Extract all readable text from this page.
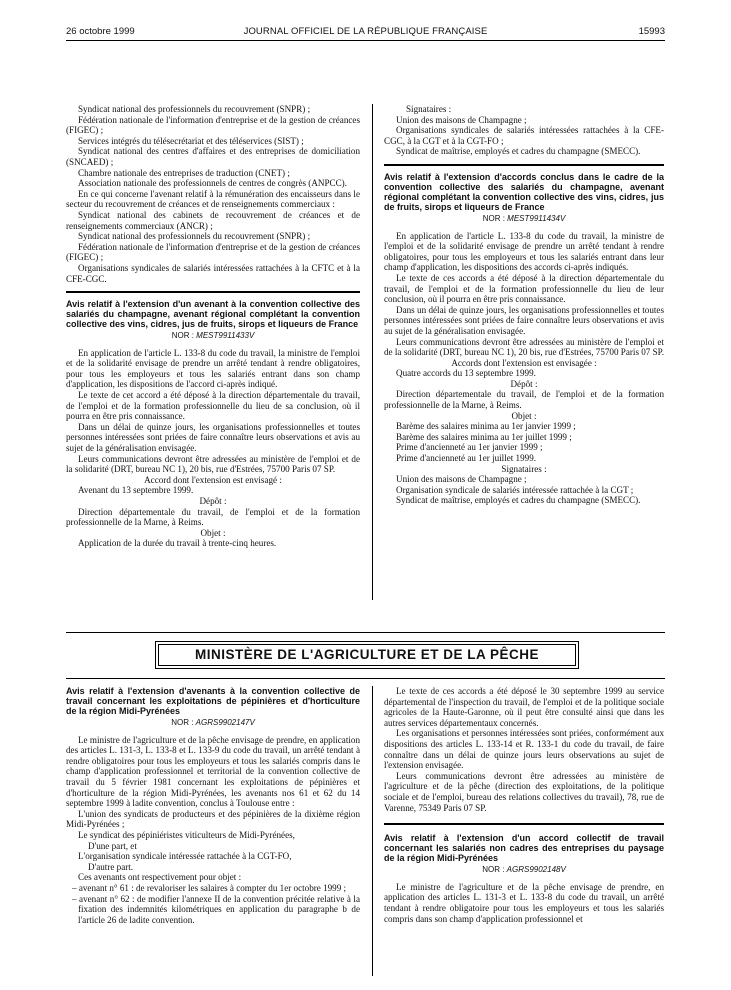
26 octobre 1999	JOURNAL OFFICIEL DE LA RÉPUBLIQUE FRANÇAISE	15993

Syndicat national des professionnels du recouvrement (SNPR) ;

Fédération nationale de l'information d'entreprise et de la gestion de créances (FIGEC) ;

Services intégrés du télésecrétariat et des téléservices (SIST) ;

Syndicat national des centres d'affaires et des entreprises de domiciliation (SNCAED) ;

Chambre nationale des entreprises de traduction (CNET) ;

Association nationale des professionnels de centres de congrès (ANPCC).

En ce qui concerne l'avenant relatif à la rémunération des encaisseurs dans le secteur du recouvrement de créances et de renseignements commerciaux :

Syndicat national des cabinets de recouvrement de créances et de renseignements commerciaux (ANCR) ;

Syndicat national des professionnels du recouvrement (SNPR) ;

Fédération nationale de l'information d'entreprise et de la gestion de créances (FIGEC) ;

Organisations syndicales de salariés intéressées rattachées à la CFTC et à la CFE-CGC.

Avis relatif à l'extension d'un avenant à la convention collective des salariés du champagne, avenant régional complétant la convention collective des vins, cidres, jus de fruits, sirops et liqueurs de France
NOR : MEST9911433V

En application de l'article L. 133-8 du code du travail, la ministre de l'emploi et de la solidarité envisage de prendre un arrêté tendant à rendre obligatoires, pour tous les employeurs et tous les salariés entrant dans son champ d'application, les dispositions de l'accord ci-après indiqué.

Le texte de cet accord a été déposé à la direction départementale du travail, de l'emploi et de la formation professionnelle du lieu de sa conclusion, où il pourra en être pris connaissance.

Dans un délai de quinze jours, les organisations professionnelles et toutes personnes intéressées sont priées de faire connaître leurs observations et avis au sujet de la généralisation envisagée.

Leurs communications devront être adressées au ministère de l'emploi et de la solidarité (DRT, bureau NC 1), 20 bis, rue d'Estrées, 75700 Paris 07 SP.

Accord dont l'extension est envisagé :

Avenant du 13 septembre 1999.

Dépôt :

Direction départementale du travail, de l'emploi et de la formation professionnelle de la Marne, à Reims.

Objet :

Application de la durée du travail à trente-cinq heures.

Signataires :

Union des maisons de Champagne ;

Organisations syndicales de salariés intéressées rattachées à la CFE-CGC, à la CGT et à la CGT-FO ;

Syndicat de maîtrise, employés et cadres du champagne (SMECC).

Avis relatif à l'extension d'accords conclus dans le cadre de la convention collective des salariés du champagne, avenant régional complétant la convention collective des vins, cidres, jus de fruits, sirops et liqueurs de France
NOR : MEST9911434V

En application de l'article L. 133-8 du code du travail, la ministre de l'emploi et de la solidarité envisage de prendre un arrêté tendant à rendre obligatoires, pour tous les employeurs et tous les salariés entrant dans leur champ d'application, les dispositions des accords ci-après indiqués.

Le texte de ces accords a été déposé à la direction départementale du travail, de l'emploi et de la formation professionnelle du lieu de leur conclusion, où il pourra en être pris connaissance.

Dans un délai de quinze jours, les organisations professionnelles et toutes personnes intéressées sont priées de faire connaître leurs observations et avis au sujet de la généralisation envisagée.

Leurs communications devront être adressées au ministère de l'emploi et de la solidarité (DRT, bureau NC 1), 20 bis, rue d'Estrées, 75700 Paris 07 SP.

Accords dont l'extension est envisagée :

Quatre accords du 13 septembre 1999.

Dépôt :

Direction départementale du travail, de l'emploi et de la formation professionnelle de la Marne, à Reims.

Objet :

Barème des salaires minima au 1er janvier 1999 ;

Barème des salaires minima au 1er juillet 1999 ;

Prime d'ancienneté au 1er janvier 1999 ;

Prime d'ancienneté au 1er juillet 1999.

Signataires :

Union des maisons de Champagne ;

Organisation syndicale de salariés intéressée rattachée à la CGT ;

Syndicat de maîtrise, employés et cadres du champagne (SMECC).

MINISTÈRE DE L'AGRICULTURE ET DE LA PÊCHE
Avis relatif à l'extension d'avenants à la convention collective de travail concernant les exploitations de pépinières et d'horticulture de la région Midi-Pyrénées
NOR : AGRS9902147V

Le ministre de l'agriculture et de la pêche envisage de prendre, en application des articles L. 131-3, L. 133-8 et L. 133-9 du code du travail, un arrêté tendant à rendre obligatoires pour tous les employeurs et tous les salariés compris dans le champ d'application professionnel et territorial de la convention collective de travail du 5 février 1981 concernant les exploitations de pépinières et d'horticulture de la région Midi-Pyrénées, les avenants nos 61 et 62 du 14 septembre 1999 à ladite convention, conclus à Toulouse entre :

L'union des syndicats de producteurs et des pépinières de la dixième région Midi-Pyrénées ;

Le syndicat des pépiniéristes viticulteurs de Midi-Pyrénées,

D'une part, et

L'organisation syndicale intéressée rattachée à la CGT-FO,

D'autre part.

Ces avenants ont respectivement pour objet :

– avenant n° 61 : de revaloriser les salaires à compter du 1er octobre 1999 ;

– avenant n° 62 : de modifier l'annexe II de la convention précitée relative à la fixation des indemnités kilométriques en application du paragraphe b de l'article 26 de ladite convention.

Le texte de ces accords a été déposé le 30 septembre 1999 au service départemental de l'inspection du travail, de l'emploi et de la politique sociale agricoles de la Haute-Garonne, où il peut être consulté ainsi que dans les autres services départementaux concernés.

Les organisations et personnes intéressées sont priées, conformément aux dispositions des articles L. 133-14 et R. 133-1 du code du travail, de faire connaître dans un délai de quinze jours leurs observations au sujet de l'extension envisagée.

Leurs communications devront être adressées au ministère de l'agriculture et de la pêche (direction des exploitations, de la politique sociale et de l'emploi, bureau des relations collectives du travail), 78, rue de Varenne, 75349 Paris 07 SP.

Avis relatif à l'extension d'un accord collectif de travail concernant les salariés non cadres des entreprises du paysage de la région Midi-Pyrénées
NOR : AGRS9902148V

Le ministre de l'agriculture et de la pêche envisage de prendre, en application des articles L. 131-3 et L. 133-8 du code du travail, un arrêté tendant à rendre obligatoire pour tous les employeurs et tous les salariés compris dans son champ d'application professionnel et
